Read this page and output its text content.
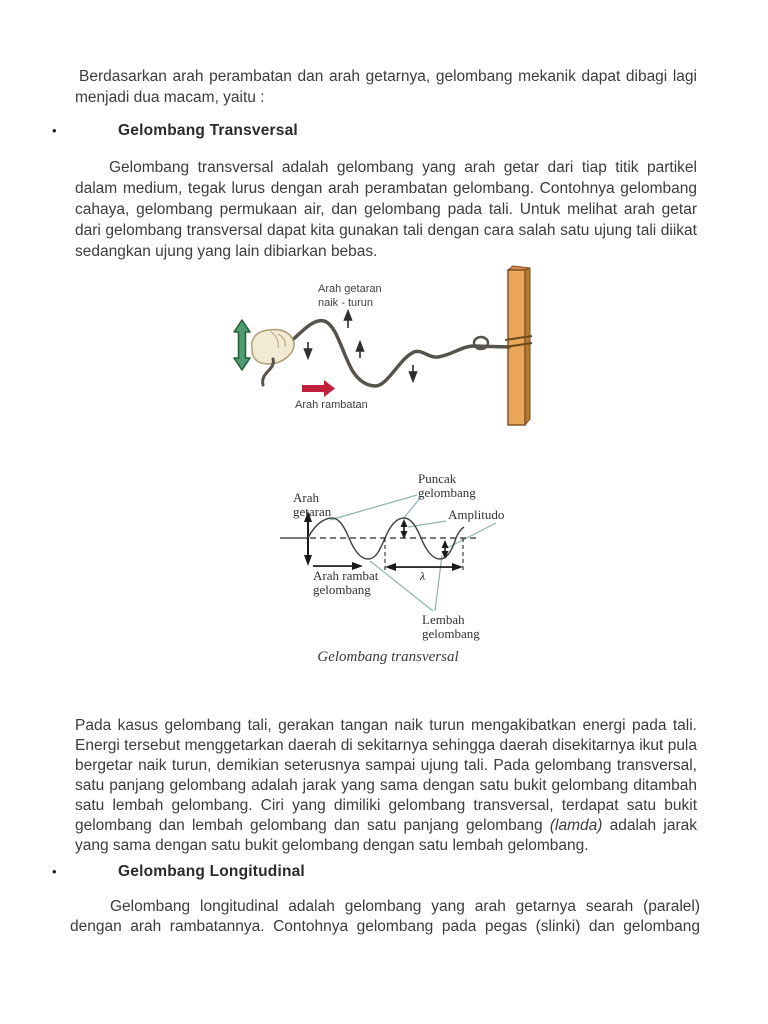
Berdasarkan arah perambatan dan arah getarnya, gelombang mekanik dapat dibagi lagi menjadi dua macam, yaitu :

•	Gelombang Transversal

Gelombang transversal adalah gelombang yang arah getar dari tiap titik partikel dalam medium, tegak lurus dengan arah perambatan gelombang. Contohnya gelombang cahaya, gelombang permukaan air, dan gelombang pada tali. Untuk melihat arah getar dari gelombang transversal dapat kita gunakan tali dengan cara salah satu ujung tali diikat sedangkan ujung yang lain dibiarkan bebas.

Arah getaran
naik - turun
Arah rambatan
λ
Arah
getaran
Puncak
gelombang
Amplitudo
Arah rambat
gelombang
Lembah
gelombang
Gelombang transversal

Pada kasus gelombang tali, gerakan tangan naik turun mengakibatkan energi pada tali. Energi tersebut menggetarkan daerah di sekitarnya sehingga daerah disekitarnya ikut pula bergetar naik turun, demikian seterusnya sampai ujung tali. Pada gelombang transversal, satu panjang gelombang adalah jarak yang sama dengan satu bukit gelombang ditambah satu lembah gelombang. Ciri yang dimiliki gelombang transversal, terdapat satu bukit gelombang dan lembah gelombang dan satu panjang gelombang (lamda) adalah jarak yang sama dengan satu bukit gelombang dengan satu lembah gelombang.

•	Gelombang Longitudinal

Gelombang longitudinal adalah gelombang yang arah getarnya searah (paralel) dengan arah rambatannya. Contohnya gelombang pada pegas (slinki) dan gelombang
